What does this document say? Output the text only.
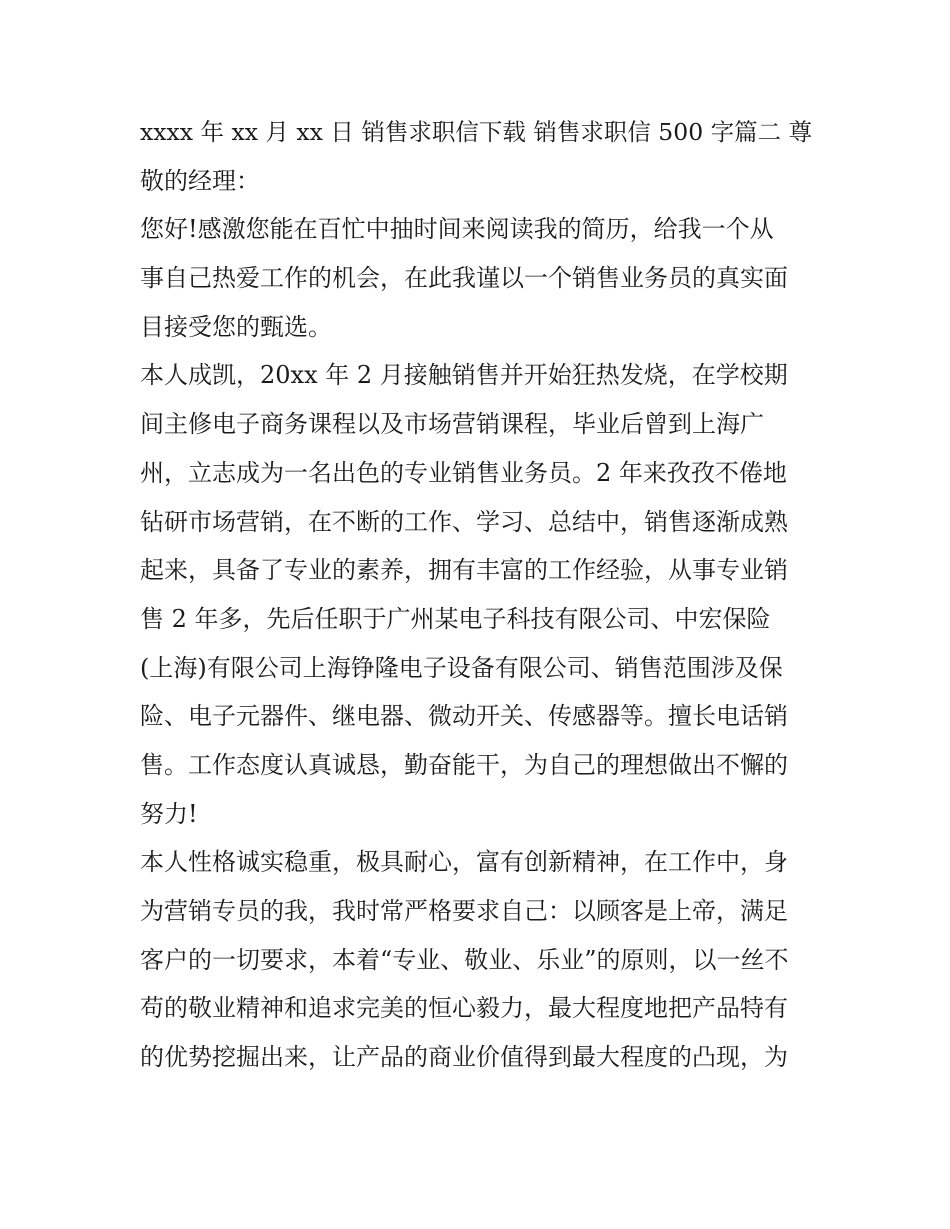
xxxx 年 xx 月 xx 日 销售求职信下载 销售求职信 500 字篇二 尊
敬的经理：
您好!感激您能在百忙中抽时间来阅读我的简历，给我一个从
事自己热爱工作的机会，在此我谨以一个销售业务员的真实面
目接受您的甄选。
本人成凯，20xx 年 2 月接触销售并开始狂热发烧，在学校期
间主修电子商务课程以及市场营销课程，毕业后曾到上海广
州，立志成为一名出色的专业销售业务员。2 年来孜孜不倦地
钻研市场营销，在不断的工作、学习、总结中，销售逐渐成熟
起来，具备了专业的素养，拥有丰富的工作经验，从事专业销
售 2 年多，先后任职于广州某电子科技有限公司、中宏保险
(上海)有限公司上海铮隆电子设备有限公司、销售范围涉及保
险、电子元器件、继电器、微动开关、传感器等。擅长电话销
售。工作态度认真诚恳，勤奋能干，为自己的理想做出不懈的
努力!
本人性格诚实稳重，极具耐心，富有创新精神，在工作中，身
为营销专员的我，我时常严格要求自己：以顾客是上帝，满足
客户的一切要求，本着“专业、敬业、乐业”的原则，以一丝不
苟的敬业精神和追求完美的恒心毅力，最大程度地把产品特有
的优势挖掘出来，让产品的商业价值得到最大程度的凸现，为
